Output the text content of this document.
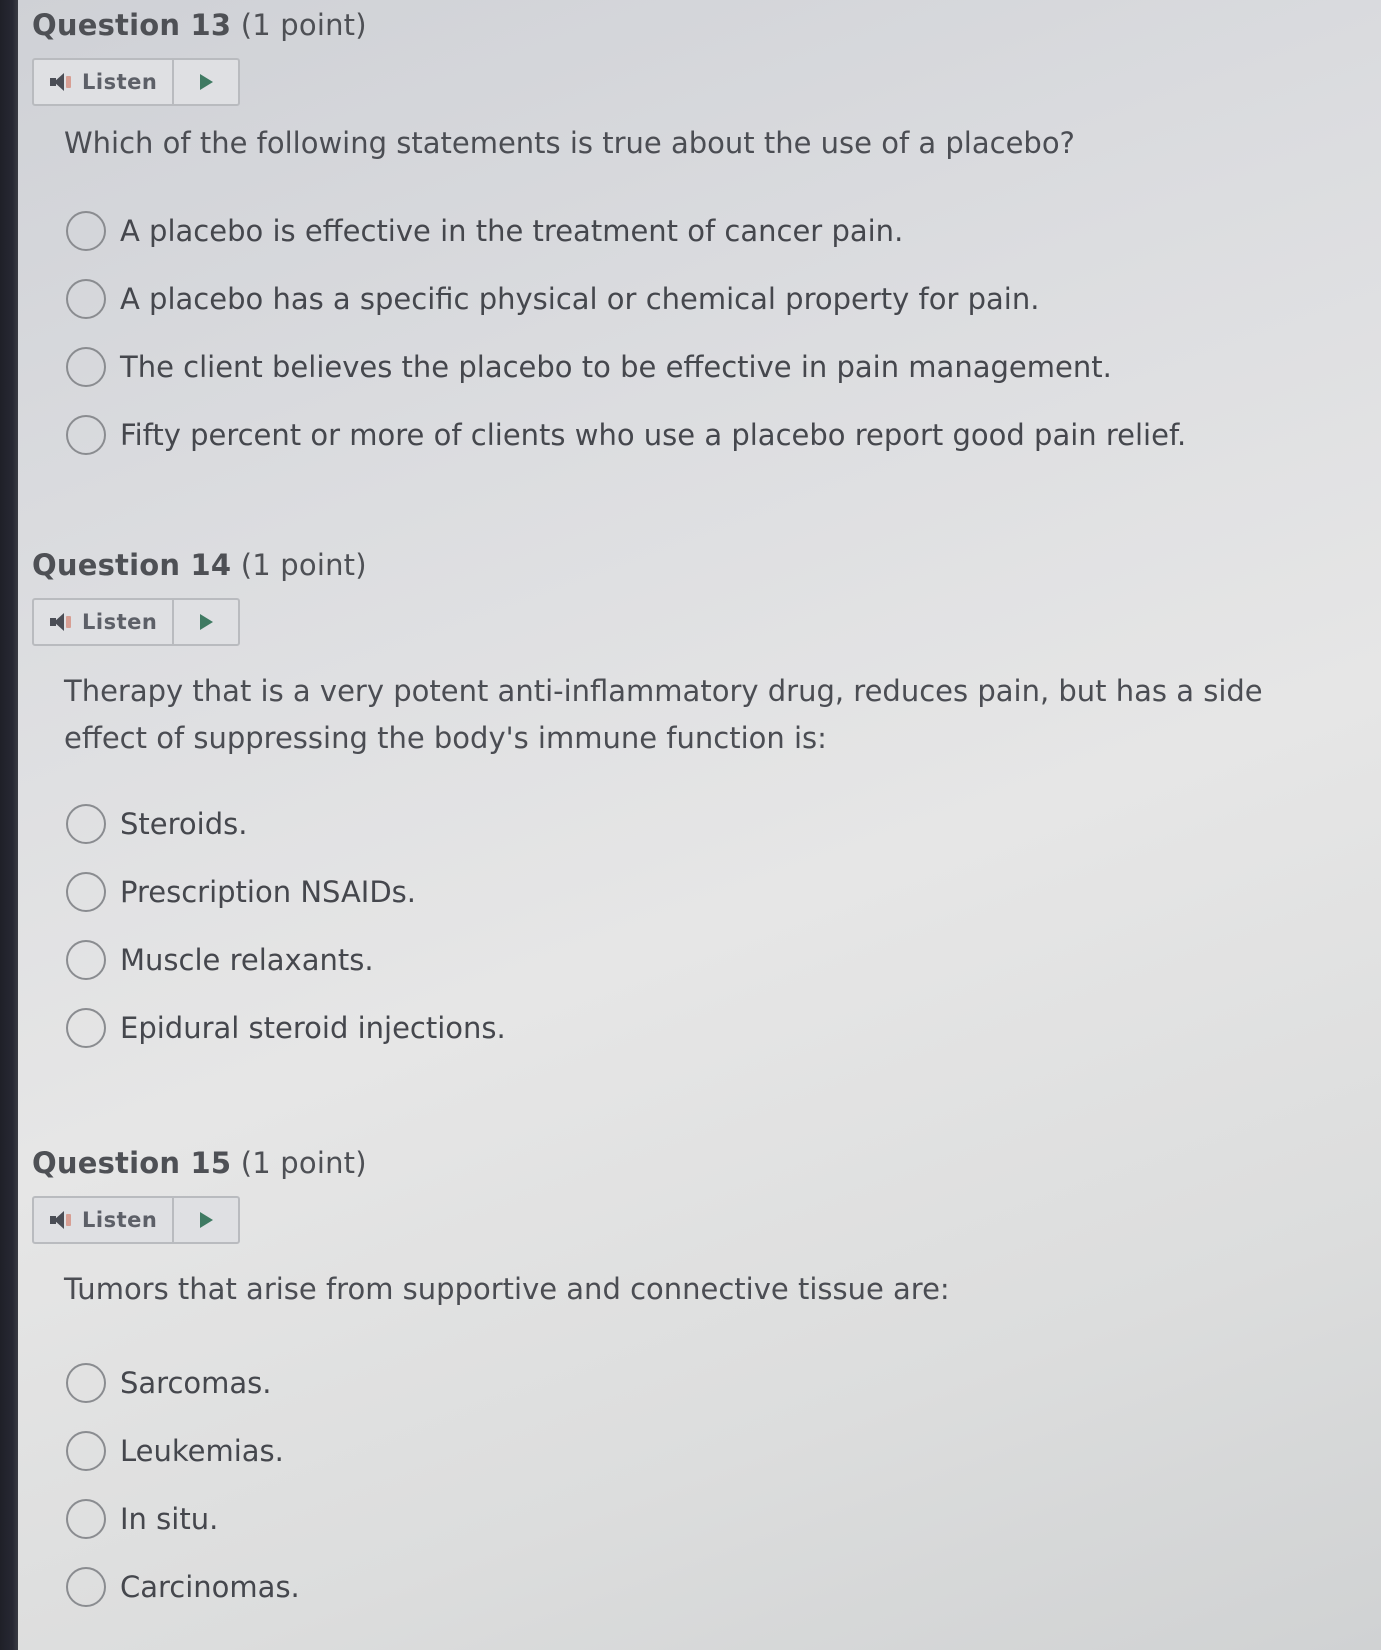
Question 13 (1 point)
Listen

Which of the following statements is true about the use of a placebo?

A placebo is effective in the treatment of cancer pain.
A placebo has a specific physical or chemical property for pain.
The client believes the placebo to be effective in pain management.
Fifty percent or more of clients who use a placebo report good pain relief.
Question 14 (1 point)
Listen

Therapy that is a very potent anti-inflammatory drug, reduces pain, but has a side effect of suppressing the body's immune function is:

Steroids.
Prescription NSAIDs.
Muscle relaxants.
Epidural steroid injections.
Question 15 (1 point)
Listen

Tumors that arise from supportive and connective tissue are:

Sarcomas.
Leukemias.
In situ.
Carcinomas.
